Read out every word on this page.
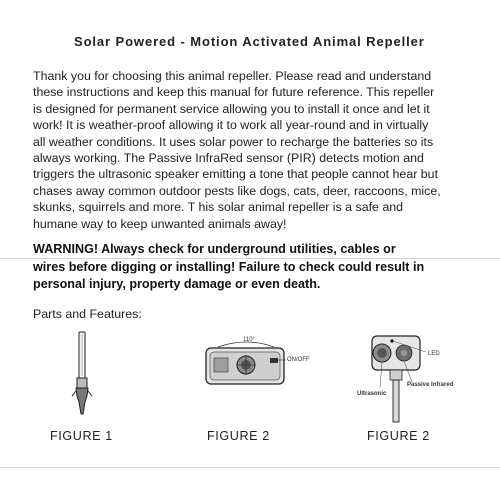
Solar Powered - Motion Activated Animal Repeller
Thank you for choosing this animal repeller. Please read and understand
these instructions and keep this manual for future reference. This repeller
is designed for permanent service allowing you to install it once and let it
work! It is weather-proof allowing it to work all year-round and in virtually
all weather conditions. It uses solar power to recharge the batteries so its
always working. The Passive InfraRed sensor (PIR) detects motion and
triggers the ultrasonic speaker emitting a tone that people cannot hear but
chases away common outdoor pests like dogs, cats, deer, raccoons, mice,
skunks, squirrels and more. T his solar animal repeller is a safe and
humane way to keep unwanted animals away!
WARNING! Always check for underground utilities, cables or
wires before digging or installing! Failure to check could result in
personal injury, property damage or even death.
Parts and Features:
110°
ON/OFF
LED
Passive Infrared
Ultrasonic
FIGURE 1	FIGURE 2	FIGURE 2
